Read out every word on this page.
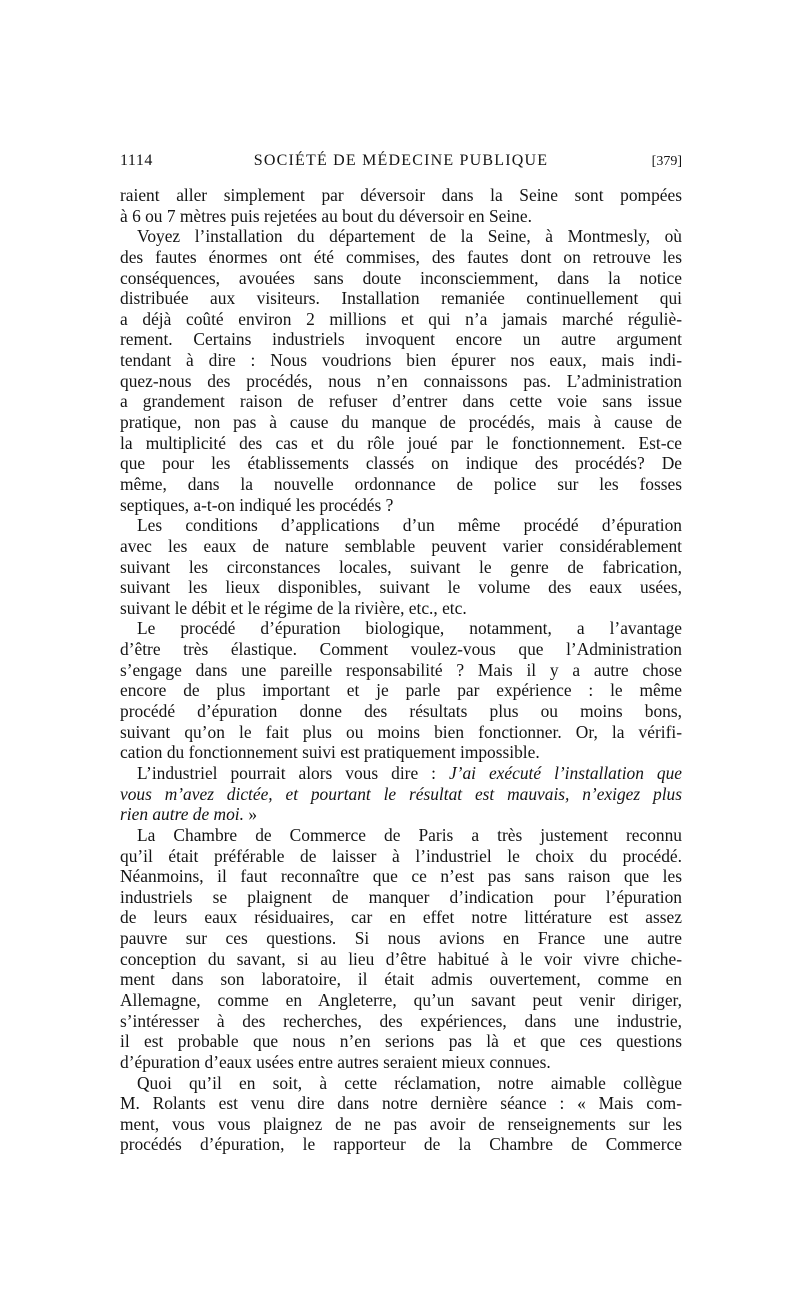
1114	SOCIÉTÉ DE MÉDECINE PUBLIQUE	[379]
raient aller simplement par déversoir dans la Seine sont pompées
à 6 ou 7 mètres puis rejetées au bout du déversoir en Seine.
Voyez l’installation du département de la Seine, à Montmesly, où
des fautes énormes ont été commises, des fautes dont on retrouve les
conséquences, avouées sans doute inconsciemment, dans la notice
distribuée aux visiteurs. Installation remaniée continuellement qui
a déjà coûté environ 2 millions et qui n’a jamais marché réguliè-
rement. Certains industriels invoquent encore un autre argument
tendant à dire : Nous voudrions bien épurer nos eaux, mais indi-
quez-nous des procédés, nous n’en connaissons pas. L’administration
a grandement raison de refuser d’entrer dans cette voie sans issue
pratique, non pas à cause du manque de procédés, mais à cause de
la multiplicité des cas et du rôle joué par le fonctionnement. Est-ce
que pour les établissements classés on indique des procédés? De
même, dans la nouvelle ordonnance de police sur les fosses
septiques, a-t-on indiqué les procédés ?
Les conditions d’applications d’un même procédé d’épuration
avec les eaux de nature semblable peuvent varier considérablement
suivant les circonstances locales, suivant le genre de fabrication,
suivant les lieux disponibles, suivant le volume des eaux usées,
suivant le débit et le régime de la rivière, etc., etc.
Le procédé d’épuration biologique, notamment, a l’avantage
d’être très élastique. Comment voulez-vous que l’Administration
s’engage dans une pareille responsabilité ? Mais il y a autre chose
encore de plus important et je parle par expérience : le même
procédé d’épuration donne des résultats plus ou moins bons,
suivant qu’on le fait plus ou moins bien fonctionner. Or, la vérifi-
cation du fonctionnement suivi est pratiquement impossible.
L’industriel pourrait alors vous dire : J’ai exécuté l’installation que
vous m’avez dictée, et pourtant le résultat est mauvais, n’exigez plus
rien autre de moi. »
La Chambre de Commerce de Paris a très justement reconnu
qu’il était préférable de laisser à l’industriel le choix du procédé.
Néanmoins, il faut reconnaître que ce n’est pas sans raison que les
industriels se plaignent de manquer d’indication pour l’épuration
de leurs eaux résiduaires, car en effet notre littérature est assez
pauvre sur ces questions. Si nous avions en France une autre
conception du savant, si au lieu d’être habitué à le voir vivre chiche-
ment dans son laboratoire, il était admis ouvertement, comme en
Allemagne, comme en Angleterre, qu’un savant peut venir diriger,
s’intéresser à des recherches, des expériences, dans une industrie,
il est probable que nous n’en serions pas là et que ces questions
d’épuration d’eaux usées entre autres seraient mieux connues.
Quoi qu’il en soit, à cette réclamation, notre aimable collègue
M. Rolants est venu dire dans notre dernière séance : « Mais com-
ment, vous vous plaignez de ne pas avoir de renseignements sur les
procédés d’épuration, le rapporteur de la Chambre de Commerce
